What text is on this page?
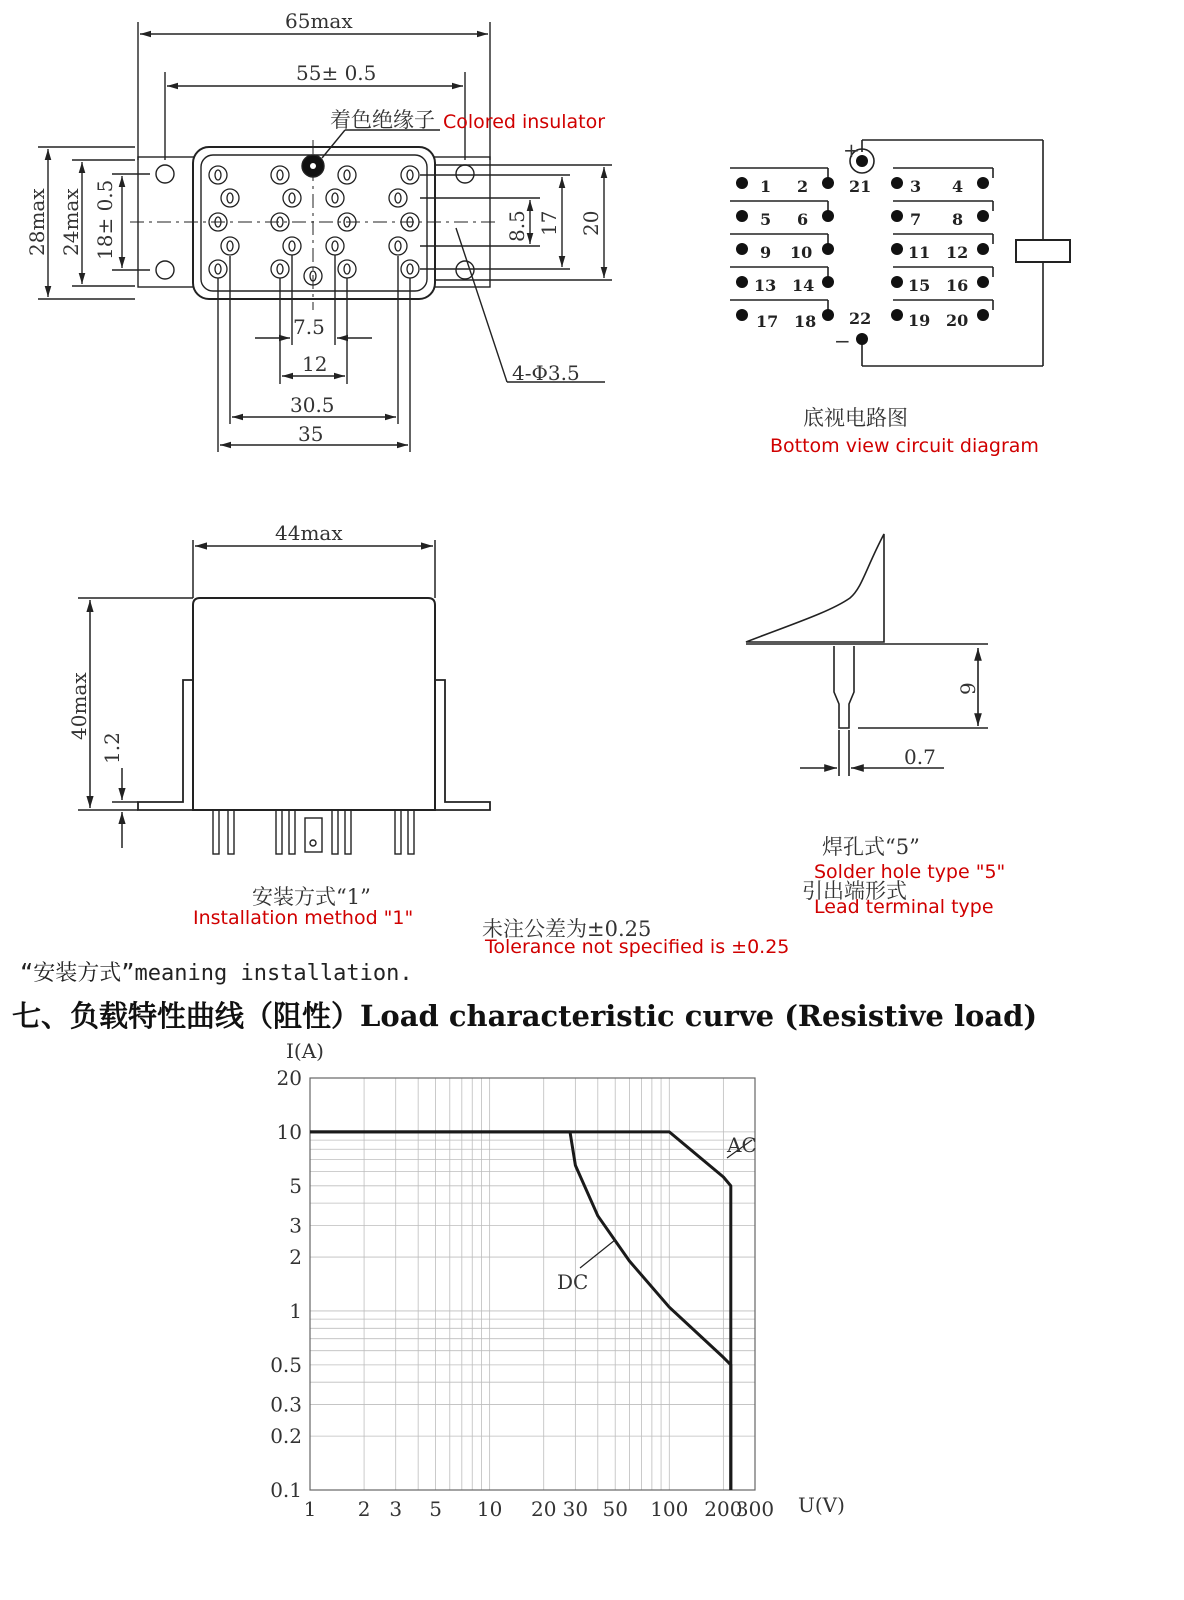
65max
55± 0.5
着色绝缘子 Colored insulator
28max 24max 18± 0.5	8.5 17 20
7.5
12
30.5
35
4-Φ3.5
1 2
5 6
9 10
13 14
17 18
3 4
7 8
11 12
15 16
19 20
21
22
+
−
底视电路图
Bottom view circuit diagram
44max
40max
1.2
安装方式“1”
Installation method "1"
9
0.7
焊孔式“5”
Solder hole type "5"
引出端形式
Lead terminal type
未注公差为±0.25
Tolerance not specified is ±0.25
1 2 3 5 10 20 30 50 100 200
300
0.1
0.2
0.3
0.5
1
2
3
5
10
20
I(A)
U(V)
AC
DC
“安装方式”meaning installation.
七、负载特性曲线（阻性）Load characteristic curve (Resistive load)
